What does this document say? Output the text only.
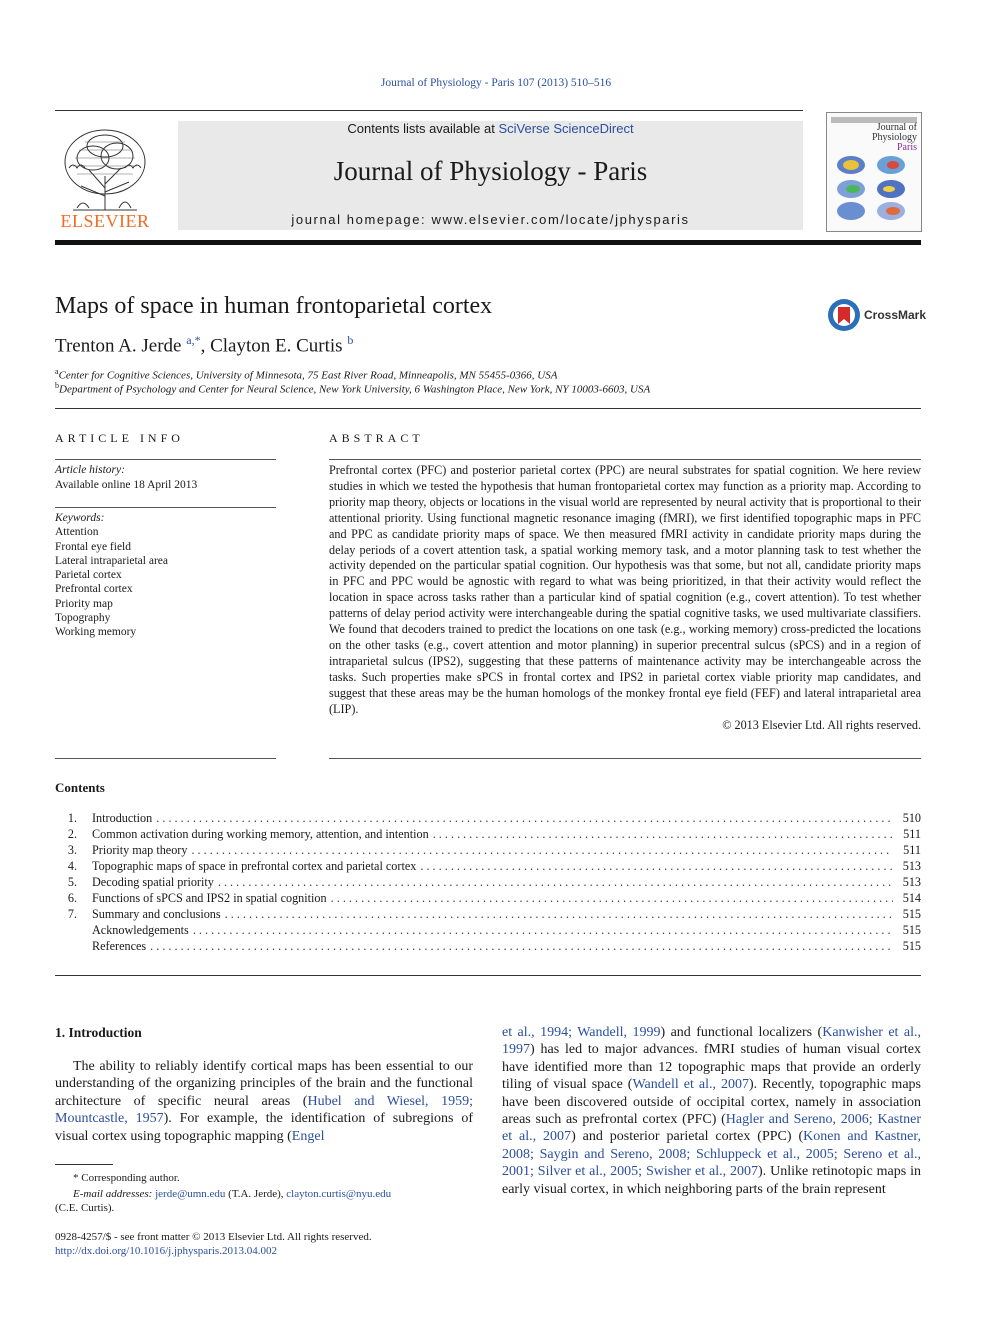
Journal of Physiology - Paris 107 (2013) 510–516
ELSEVIER
Contents lists available at SciVerse ScienceDirect
Journal of Physiology - Paris
journal homepage: www.elsevier.com/locate/jphysparis
Journal of
Physiology
Paris
Maps of space in human frontoparietal cortex	CrossMark
Trenton A. Jerde $^{a,*}$, Clayton E. Curtis $^b$
$^a$Center for Cognitive Sciences, University of Minnesota, 75 East River Road, Minneapolis, MN 55455-0366, USA
$^b$Department of Psychology and Center for Neural Science, New York University, 6 Washington Place, New York, NY 10003-6603, USA
ARTICLE INFO
Article history:
Available online 18 April 2013
Keywords:
Attention
Frontal eye field
Lateral intraparietal area
Parietal cortex
Prefrontal cortex
Priority map
Topography
Working memory
ABSTRACT
Prefrontal cortex (PFC) and posterior parietal cortex (PPC) are neural substrates for spatial cognition. We here review studies in which we tested the hypothesis that human frontoparietal cortex may function as a priority map. According to priority map theory, objects or locations in the visual world are represented by neural activity that is proportional to their attentional priority. Using functional magnetic resonance imaging (fMRI), we first identified topographic maps in PFC and PPC as candidate priority maps of space. We then measured fMRI activity in candidate priority maps during the delay periods of a covert attention task, a spatial working memory task, and a motor planning task to test whether the activity depended on the particular spatial cognition. Our hypothesis was that some, but not all, candidate priority maps in PFC and PPC would be agnostic with regard to what was being prioritized, in that their activity would reflect the location in space across tasks rather than a particular kind of spatial cognition (e.g., covert attention). To test whether patterns of delay period activity were interchangeable during the spatial cognitive tasks, we used multivariate classifiers. We found that decoders trained to predict the locations on one task (e.g., working memory) cross-predicted the locations on the other tasks (e.g., covert attention and motor planning) in superior precentral sulcus (sPCS) and in a region of intraparietal sulcus (IPS2), suggesting that these patterns of maintenance activity may be interchangeable across the tasks. Such properties make sPCS in frontal cortex and IPS2 in parietal cortex viable priority map candidates, and suggest that these areas may be the human homologs of the monkey frontal eye field (FEF) and lateral intraparietal area (LIP).
© 2013 Elsevier Ltd. All rights reserved.
Contents
1. Introduction . . .	510
2. Common activation during working memory, attention, and intention . . .	511
3. Priority map theory . . .	511
4. Topographic maps of space in prefrontal cortex and parietal cortex . . .	513
5. Decoding spatial priority . . .	513
6. Functions of sPCS and IPS2 in spatial cognition . . .	514
7. Summary and conclusions . . .	515
Acknowledgements . . .	515
References . . .	515
1. Introduction
The ability to reliably identify cortical maps has been essential to our understanding of the organizing principles of the brain and the functional architecture of specific neural areas (Hubel and Wiesel, 1959; Mountcastle, 1957). For example, the identification of subregions of visual cortex using topographic mapping (Engel
et al., 1994; Wandell, 1999) and functional localizers (Kanwisher et al., 1997) has led to major advances. fMRI studies of human visual cortex have identified more than 12 topographic maps that provide an orderly tiling of visual space (Wandell et al., 2007). Recently, topographic maps have been discovered outside of occipital cortex, namely in association areas such as prefrontal cortex (PFC) (Hagler and Sereno, 2006; Kastner et al., 2007) and posterior parietal cortex (PPC) (Konen and Kastner, 2008; Saygin and Sereno, 2008; Schluppeck et al., 2005; Sereno et al., 2001; Silver et al., 2005; Swisher et al., 2007). Unlike retinotopic maps in early visual cortex, in which neighboring parts of the brain represent
* Corresponding author.
E-mail addresses: jerde@umn.edu (T.A. Jerde), clayton.curtis@nyu.edu
(C.E. Curtis).
0928-4257/$ - see front matter © 2013 Elsevier Ltd. All rights reserved.
http://dx.doi.org/10.1016/j.jphysparis.2013.04.002
